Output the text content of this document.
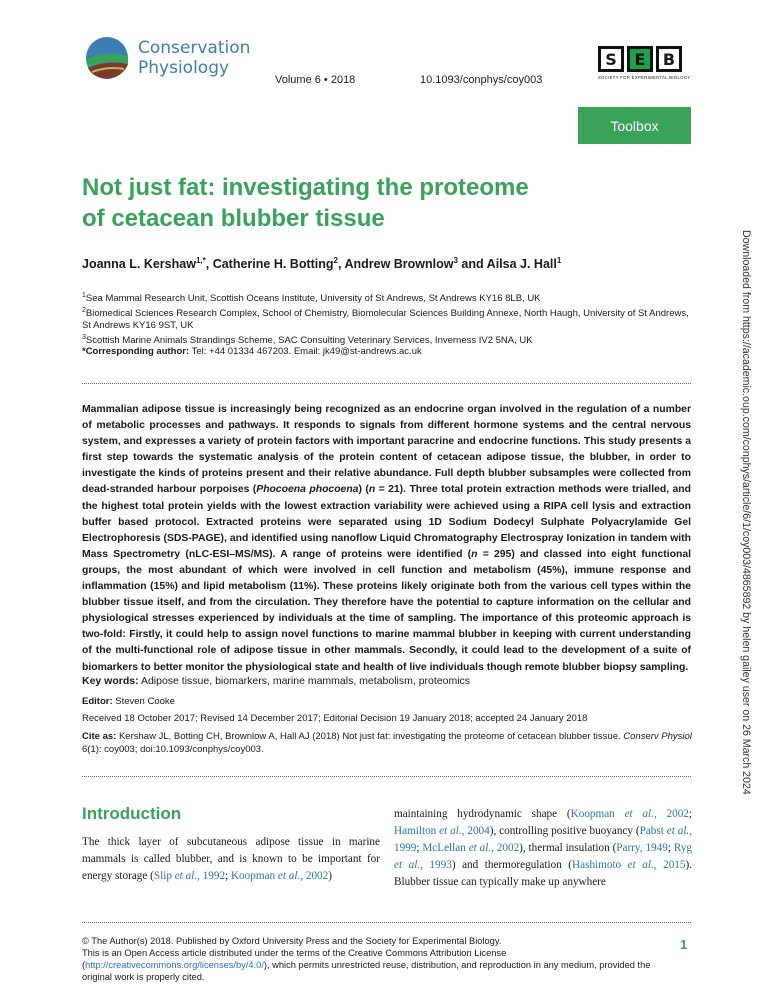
Conservation
Physiology
Volume 6 • 2018	10.1093/conphys/coy003
S	E	B
SOCIETY FOR EXPERIMENTAL BIOLOGY
Toolbox
Not just fat: investigating the proteome
of cetacean blubber tissue
Joanna L. Kershaw$^{1,*}$, Catherine H. Botting$^2$, Andrew Brownlow$^3$ and Ailsa J. Hall$^1$
$^1$Sea Mammal Research Unit, Scottish Oceans Institute, University of St Andrews, St Andrews KY16 8LB, UK
$^2$Biomedical Sciences Research Complex, School of Chemistry, Biomolecular Sciences Building Annexe, North Haugh, University of St Andrews, St Andrews KY16 9ST, UK
$^3$Scottish Marine Animals Strandings Scheme, SAC Consulting Veterinary Services, Inverness IV2 5NA, UK
*Corresponding author: Tel: +44 01334 467203. Email: jk49@st-andrews.ac.uk

Mammalian adipose tissue is increasingly being recognized as an endocrine organ involved in the regulation of a number of metabolic processes and pathways. It responds to signals from different hormone systems and the central nervous system, and expresses a variety of protein factors with important paracrine and endocrine functions. This study presents a first step towards the systematic analysis of the protein content of cetacean adipose tissue, the blubber, in order to investigate the kinds of proteins present and their relative abundance. Full depth blubber subsamples were collected from dead-stranded harbour porpoises (Phocoena phocoena) (n = 21). Three total protein extraction methods were trialled, and the highest total protein yields with the lowest extraction variability were achieved using a RIPA cell lysis and extraction buffer based protocol. Extracted proteins were separated using 1D Sodium Dodecyl Sulphate Polyacrylamide Gel Electrophoresis (SDS-PAGE), and identified using nanoflow Liquid Chromatography Electrospray Ionization in tandem with Mass Spectrometry (nLC-ESI–MS/MS). A range of proteins were identified (n = 295) and classed into eight functional groups, the most abundant of which were involved in cell function and metabolism (45%), immune response and inflammation (15%) and lipid metabolism (11%). These proteins likely originate both from the various cell types within the blubber tissue itself, and from the circulation. They therefore have the potential to capture information on the cellular and physiological stresses experienced by individuals at the time of sampling. The importance of this proteomic approach is two-fold: Firstly, it could help to assign novel functions to marine mammal blubber in keeping with current understanding of the multi-functional role of adipose tissue in other mammals. Secondly, it could lead to the development of a suite of biomarkers to better monitor the physiological state and health of live individuals though remote blubber biopsy sampling.

Key words: Adipose tissue, biomarkers, marine mammals, metabolism, proteomics
Editor: Steven Cooke
Received 18 October 2017; Revised 14 December 2017; Editorial Decision 19 January 2018; accepted 24 January 2018
Cite as: Kershaw JL, Botting CH, Brownlow A, Hall AJ (2018) Not just fat: investigating the proteome of cetacean blubber tissue. Conserv Physiol 6(1): coy003; doi:10.1093/conphys/coy003.
Introduction

The thick layer of subcutaneous adipose tissue in marine mammals is called blubber, and is known to be important for energy storage (Slip et al., 1992; Koopman et al., 2002)

maintaining hydrodynamic shape (Koopman et al., 2002; Hamilton et al., 2004), controlling positive buoyancy (Pabst et al., 1999; McLellan et al., 2002), thermal insulation (Parry, 1949; Ryg et al., 1993) and thermoregulation (Hashimoto et al., 2015). Blubber tissue can typically make up anywhere

© The Author(s) 2018. Published by Oxford University Press and the Society for Experimental Biology.

This is an Open Access article distributed under the terms of the Creative Commons Attribution License (http://creativecommons.org/licenses/by/4.0/), which permits unrestricted reuse, distribution, and reproduction in any medium, provided the original work is properly cited.

1
Downloaded from https://academic.oup.com/conphys/article/6/1/coy003/4865892 by helen gailey user on 26 March 2024
